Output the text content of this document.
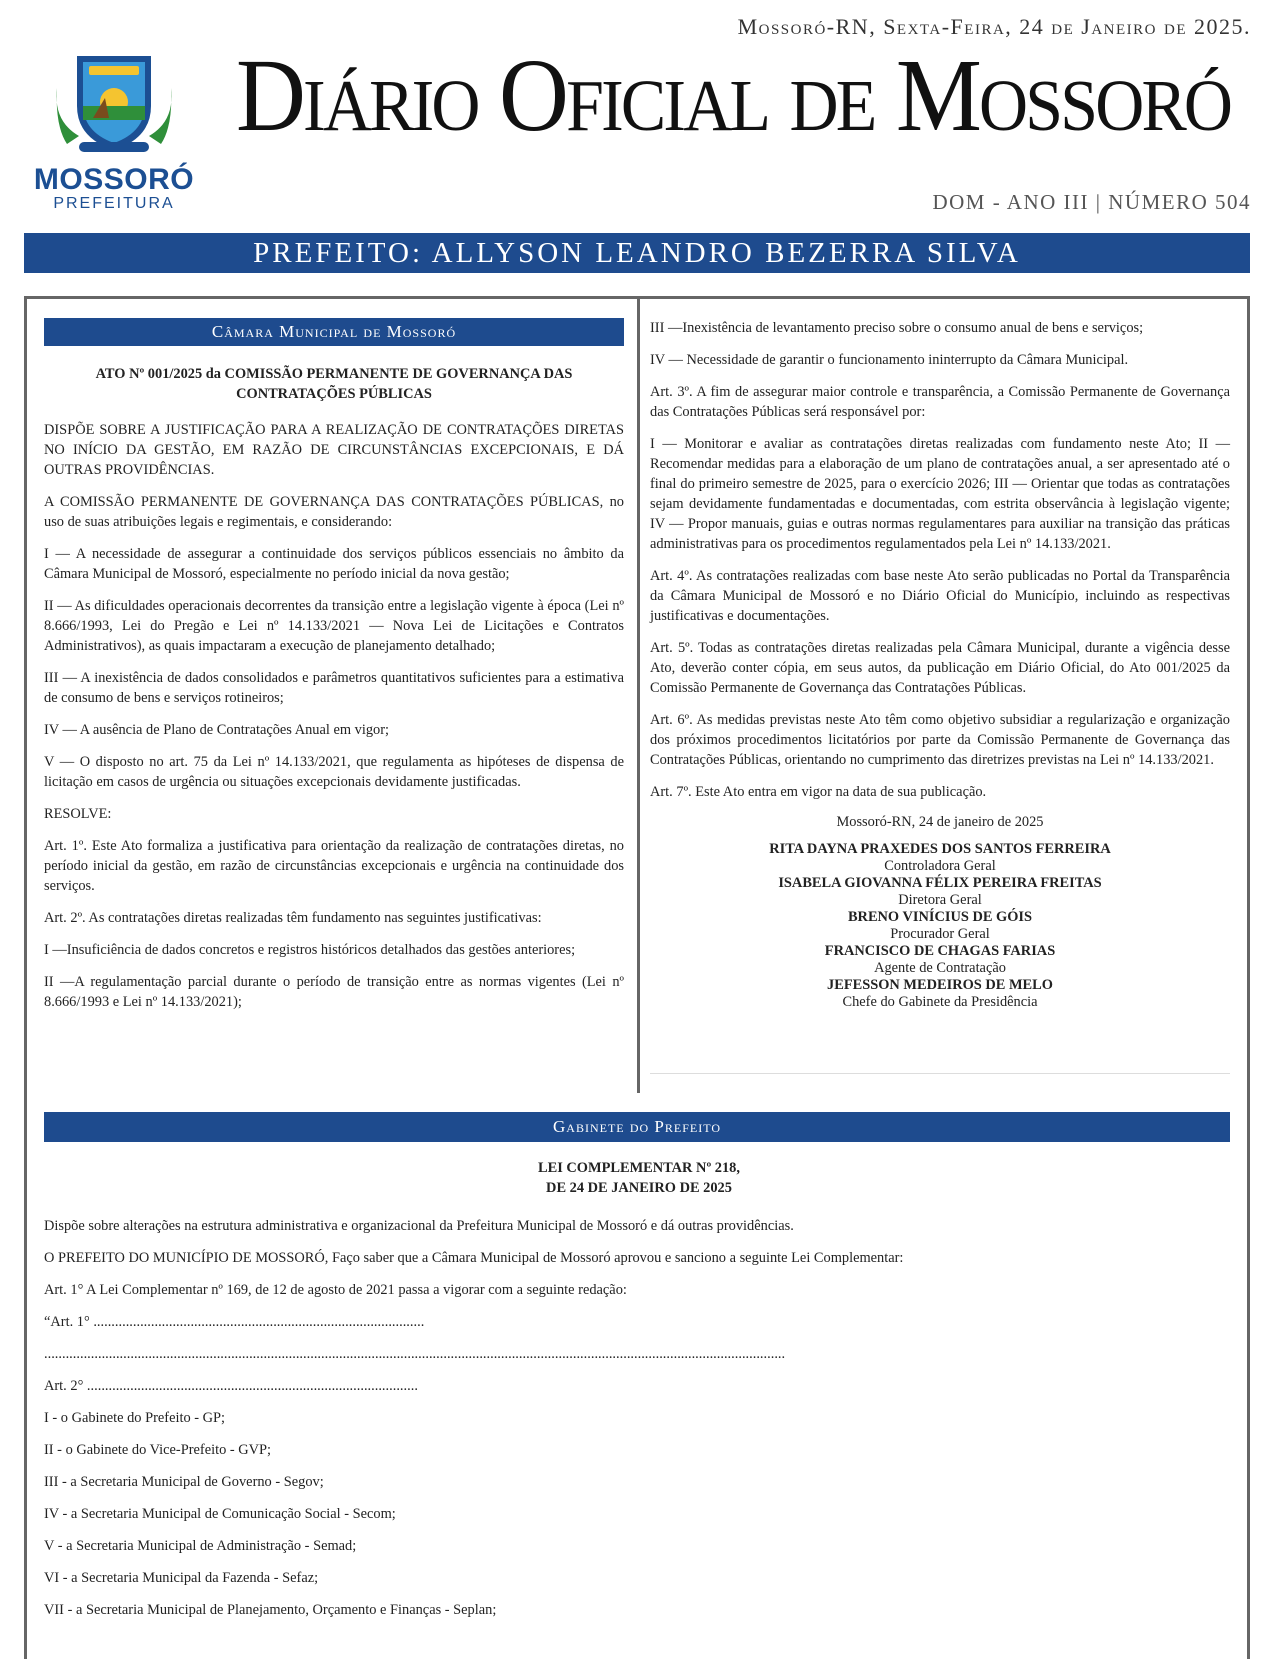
Mossoró-RN, Sexta-Feira, 24 de Janeiro de 2025.
MOSSORÓ
PREFEITURA
Diário Oficial de Mossoró
DOM - ANO III | NÚMERO 504
PREFEITO: ALLYSON LEANDRO BEZERRA SILVA
Câmara Municipal de Mossoró

ATO Nº 001/2025 da COMISSÃO PERMANENTE DE GOVERNANÇA DAS CONTRATAÇÕES PÚBLICAS

DISPÕE SOBRE A JUSTIFICAÇÃO PARA A REALIZAÇÃO DE CONTRATAÇÕES DIRETAS NO INÍCIO DA GESTÃO, EM RAZÃO DE CIRCUNSTÂNCIAS EXCEPCIONAIS, E DÁ OUTRAS PROVIDÊNCIAS.

A COMISSÃO PERMANENTE DE GOVERNANÇA DAS CONTRATAÇÕES PÚBLICAS, no uso de suas atribuições legais e regimentais, e considerando:

I — A necessidade de assegurar a continuidade dos serviços públicos essenciais no âmbito da Câmara Municipal de Mossoró, especialmente no período inicial da nova gestão;

II — As dificuldades operacionais decorrentes da transição entre a legislação vigente à época (Lei nº 8.666/1993, Lei do Pregão e Lei nº 14.133/2021 — Nova Lei de Licitações e Contratos Administrativos), as quais impactaram a execução de planejamento detalhado;

III — A inexistência de dados consolidados e parâmetros quantitativos suficientes para a estimativa de consumo de bens e serviços rotineiros;

IV — A ausência de Plano de Contratações Anual em vigor;

V — O disposto no art. 75 da Lei nº 14.133/2021, que regulamenta as hipóteses de dispensa de licitação em casos de urgência ou situações excepcionais devidamente justificadas.

RESOLVE:

Art. 1º. Este Ato formaliza a justificativa para orientação da realização de contratações diretas, no período inicial da gestão, em razão de circunstâncias excepcionais e urgência na continuidade dos serviços.

Art. 2º. As contratações diretas realizadas têm fundamento nas seguintes justificativas:

I —Insuficiência de dados concretos e registros históricos detalhados das gestões anteriores;

II —A regulamentação parcial durante o período de transição entre as normas vigentes (Lei nº 8.666/1993 e Lei nº 14.133/2021);

III —Inexistência de levantamento preciso sobre o consumo anual de bens e serviços;

IV — Necessidade de garantir o funcionamento ininterrupto da Câmara Municipal.

Art. 3º. A fim de assegurar maior controle e transparência, a Comissão Permanente de Governança das Contratações Públicas será responsável por:

I — Monitorar e avaliar as contratações diretas realizadas com fundamento neste Ato; II — Recomendar medidas para a elaboração de um plano de contratações anual, a ser apresentado até o final do primeiro semestre de 2025, para o exercício 2026; III — Orientar que todas as contratações sejam devidamente fundamentadas e documentadas, com estrita observância à legislação vigente; IV — Propor manuais, guias e outras normas regulamentares para auxiliar na transição das práticas administrativas para os procedimentos regulamentados pela Lei nº 14.133/2021.

Art. 4º. As contratações realizadas com base neste Ato serão publicadas no Portal da Transparência da Câmara Municipal de Mossoró e no Diário Oficial do Município, incluindo as respectivas justificativas e documentações.

Art. 5º. Todas as contratações diretas realizadas pela Câmara Municipal, durante a vigência desse Ato, deverão conter cópia, em seus autos, da publicação em Diário Oficial, do Ato 001/2025 da Comissão Permanente de Governança das Contratações Públicas.

Art. 6º. As medidas previstas neste Ato têm como objetivo subsidiar a regularização e organização dos próximos procedimentos licitatórios por parte da Comissão Permanente de Governança das Contratações Públicas, orientando no cumprimento das diretrizes previstas na Lei nº 14.133/2021.

Art. 7º. Este Ato entra em vigor na data de sua publicação.

Mossoró-RN, 24 de janeiro de 2025
RITA DAYNA PRAXEDES DOS SANTOS FERREIRA
Controladora Geral
ISABELA GIOVANNA FÉLIX PEREIRA FREITAS
Diretora Geral
BRENO VINÍCIUS DE GÓIS
Procurador Geral
FRANCISCO DE CHAGAS FARIAS
Agente de Contratação
JEFESSON MEDEIROS DE MELO
Chefe do Gabinete da Presidência
Gabinete do Prefeito
LEI COMPLEMENTAR Nº 218,
DE 24 DE JANEIRO DE 2025

Dispõe sobre alterações na estrutura administrativa e organizacional da Prefeitura Municipal de Mossoró e dá outras providências.

O PREFEITO DO MUNICÍPIO DE MOSSORÓ, Faço saber que a Câmara Municipal de Mossoró aprovou e sanciono a seguinte Lei Complementar:

Art. 1° A Lei Complementar nº 169, de 12 de agosto de 2021 passa a vigorar com a seguinte redação:

“Art. 1° ............................................................................................

..............................................................................................................................................................................................................

Art. 2° ............................................................................................

I - o Gabinete do Prefeito - GP;

II - o Gabinete do Vice-Prefeito - GVP;

III - a Secretaria Municipal de Governo - Segov;

IV - a Secretaria Municipal de Comunicação Social - Secom;

V - a Secretaria Municipal de Administração - Semad;

VI - a Secretaria Municipal da Fazenda - Sefaz;

VII - a Secretaria Municipal de Planejamento, Orçamento e Finanças - Seplan;
